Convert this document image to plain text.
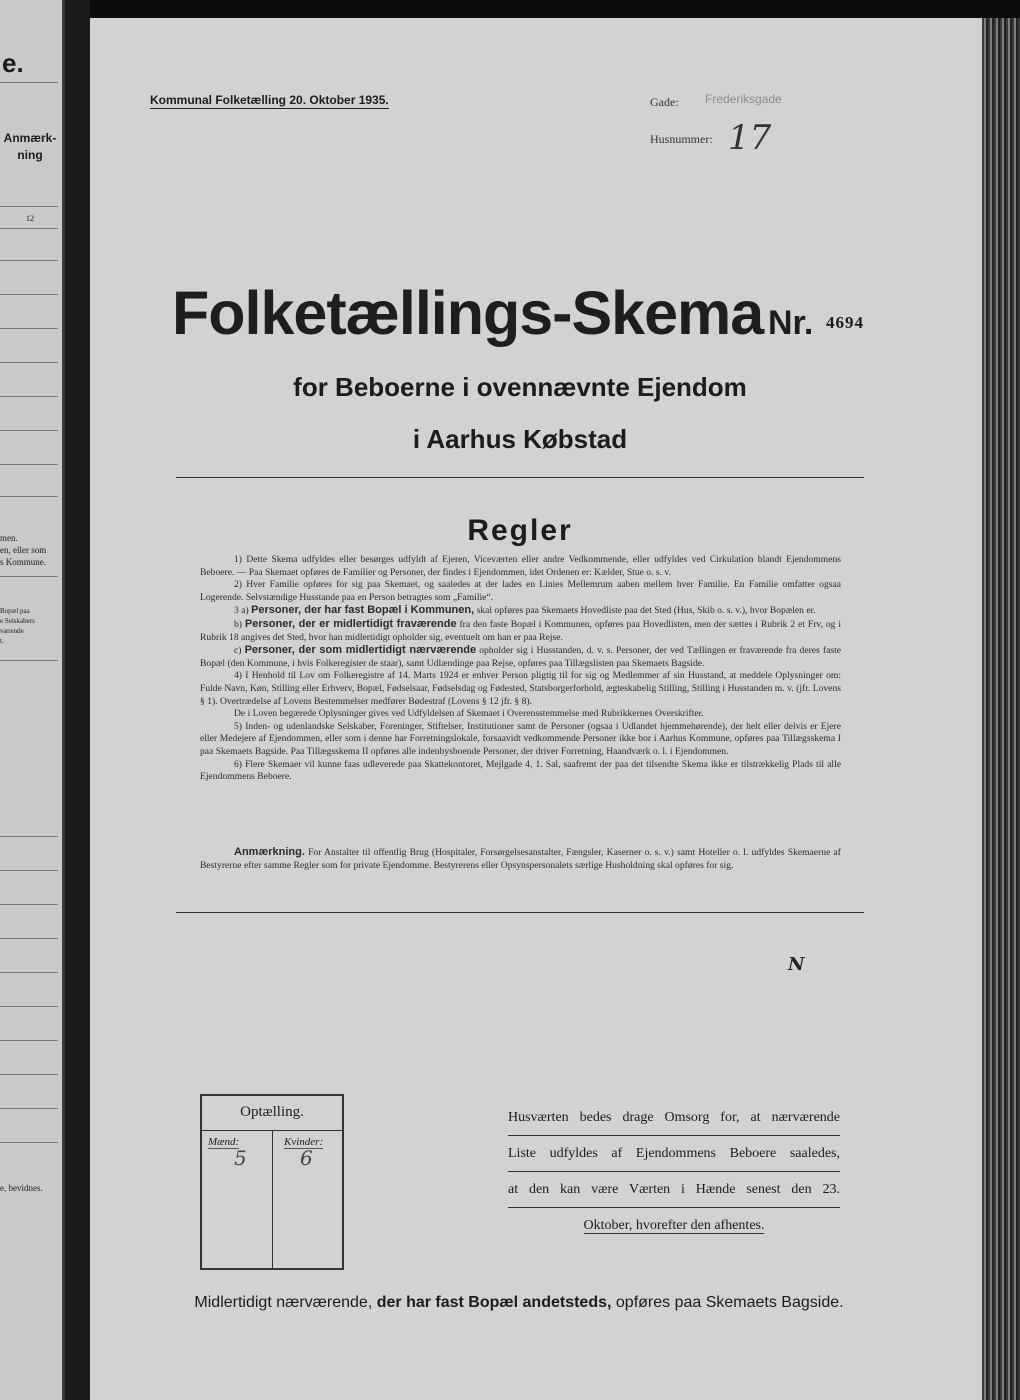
e.
Anmærk-
ning
12
men.
en, eller som
s Kommune.
Bopæl paa
e Selskabers
værende
t.
e, bevidnes.
Kommunal Folketælling 20. Oktober 1935.	Gade: Frederiksgade
Husnummer: 17
Folketællings-Skema Nr. 4694
for Beboerne i ovennævnte Ejendom
i Aarhus Købstad
Regler

1) Dette Skema udfyldes eller besørges udfyldt af Ejeren, Viceværten eller andre Vedkommende, eller udfyldes ved Cirkulation blandt Ejendommens Beboere. — Paa Skemaet opføres de Familier og Personer, der findes i Ejendommen, idet Ordenen er: Kælder, Stue o. s. v.

2) Hver Familie opføres for sig paa Skemaet, og saaledes at der lades en Linies Mellemrum aaben mellem hver Familie. En Familie omfatter ogsaa Logerende. Selvstændige Husstande paa en Person betragtes som „Familie“.

3 a) Personer, der har fast Bopæl i Kommunen, skal opføres paa Skemaets Hovedliste paa det Sted (Hus, Skib o. s. v.), hvor Bopælen er.

b) Personer, der er midlertidigt fraværende fra den faste Bopæl i Kommunen, opføres paa Hovedlisten, men der sættes i Rubrik 2 et Frv, og i Rubrik 18 angives det Sted, hvor han midlertidigt opholder sig, eventuelt om han er paa Rejse.

c) Personer, der som midlertidigt nærværende opholder sig i Husstanden, d. v. s. Personer, der ved Tællingen er fraværende fra deres faste Bopæl (den Kommune, i hvis Folkeregister de staar), samt Udlændinge paa Rejse, opføres paa Tillægslisten paa Skemaets Bagside.

4) I Henhold til Lov om Folkeregistre af 14. Marts 1924 er enhver Person pligtig til for sig og Medlemmer af sin Husstand, at meddele Oplysninger om: Fulde Navn, Køn, Stilling eller Erhverv, Bopæl, Fødselsaar, Fødselsdag og Fødested, Statsborgerforhold, ægteskabelig Stilling, Stilling i Husstanden m. v. (jfr. Lovens § 1). Overtrædelse af Lovens Bestemmelser medfører Bødestraf (Lovens § 12 jfr. § 8).

De i Loven begærede Oplysninger gives ved Udfyldelsen af Skemaet i Overensstemmelse med Rubrikkernes Overskrifter.

5) Inden- og udenlandske Selskaber, Foreninger, Stiftelser, Institutioner samt de Personer (ogsaa i Udlandet hjemmehørende), der helt eller delvis er Ejere eller Medejere af Ejendommen, eller som i denne har Forretningslokale, forsaavidt vedkommende Personer ikke bor i Aarhus Kommune, opføres paa Tillægsskema I paa Skemaets Bagside. Paa Tillægsskema II opføres alle indenbysboende Personer, der driver Forretning, Haandværk o. l. i Ejendommen.

6) Flere Skemaer vil kunne faas udleverede paa Skattekontoret, Mejlgade 4, 1. Sal, saafremt der paa det tilsendte Skema ikke er tilstrækkelig Plads til alle Ejendommens Beboere.

Anmærkning. For Anstalter til offentlig Brug (Hospitaler, Forsørgelsesanstalter, Fængsler, Kaserner o. s. v.) samt Hoteller o. l. udfyldes Skemaerne af Bestyrerne efter samme Regler som for private Ejendomme. Bestyrerens eller Opsynspersonalets særlige Husholdning skal opføres for sig.
N
Optælling.
Mænd:
5
Kvinder:
6
Husværten bedes drage Omsorg for, at nærværende
Liste udfyldes af Ejendommens Beboere saaledes,
at den kan være Værten i Hænde senest den 23.
Oktober, hvorefter den afhentes.
Midlertidigt nærværende, der har fast Bopæl andetsteds, opføres paa Skemaets Bagside.
